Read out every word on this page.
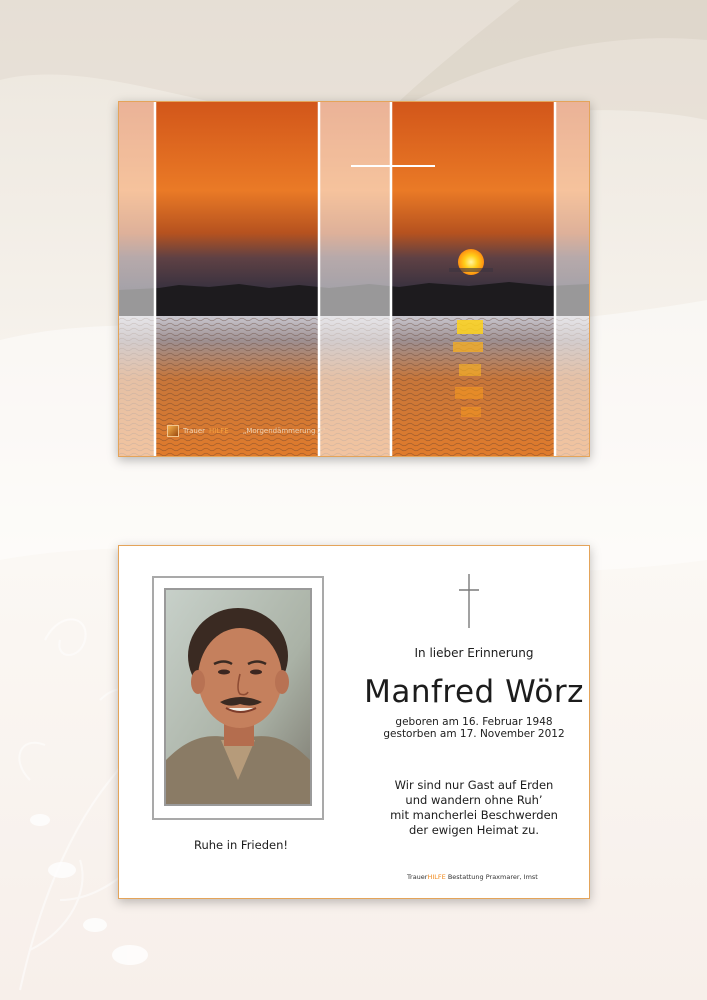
Trauer HILFE „Morgendämmerung 2“
In lieber Erinnerung
Manfred Wörz
geboren am 16. Februar 1948
gestorben am 17. November 2012
Wir sind nur Gast auf Erden
und wandern ohne Ruh’
mit mancherlei Beschwerden
der ewigen Heimat zu.
Ruhe in Frieden!
TrauerHILFE Bestattung Praxmarer, Imst
